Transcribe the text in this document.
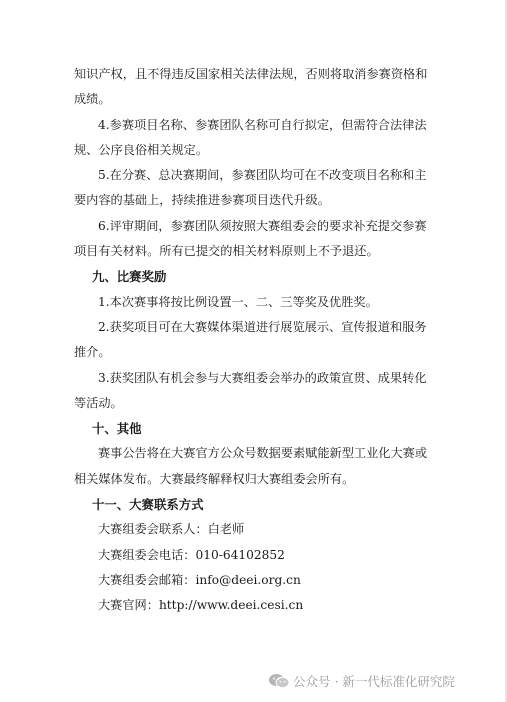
知识产权，且不得违反国家相关法律法规，否则将取消参赛资格和成绩。

4.参赛项目名称、参赛团队名称可自行拟定，但需符合法律法规、公序良俗相关规定。

5.在分赛、总决赛期间，参赛团队均可在不改变项目名称和主要内容的基础上，持续推进参赛项目迭代升级。

6.评审期间，参赛团队须按照大赛组委会的要求补充提交参赛项目有关材料。所有已提交的相关材料原则上不予退还。

九、比赛奖励

1.本次赛事将按比例设置一、二、三等奖及优胜奖。

2.获奖项目可在大赛媒体渠道进行展览展示、宣传报道和服务推介。

3.获奖团队有机会参与大赛组委会举办的政策宣贯、成果转化等活动。

十、其他

赛事公告将在大赛官方公众号数据要素赋能新型工业化大赛或相关媒体发布。大赛最终解释权归大赛组委会所有。

十一、大赛联系方式

大赛组委会联系人：白老师

大赛组委会电话：010-64102852

大赛组委会邮箱：info@deei.org.cn

大赛官网：http://www.deei.cesi.cn

公众号 · 新一代标准化研究院
